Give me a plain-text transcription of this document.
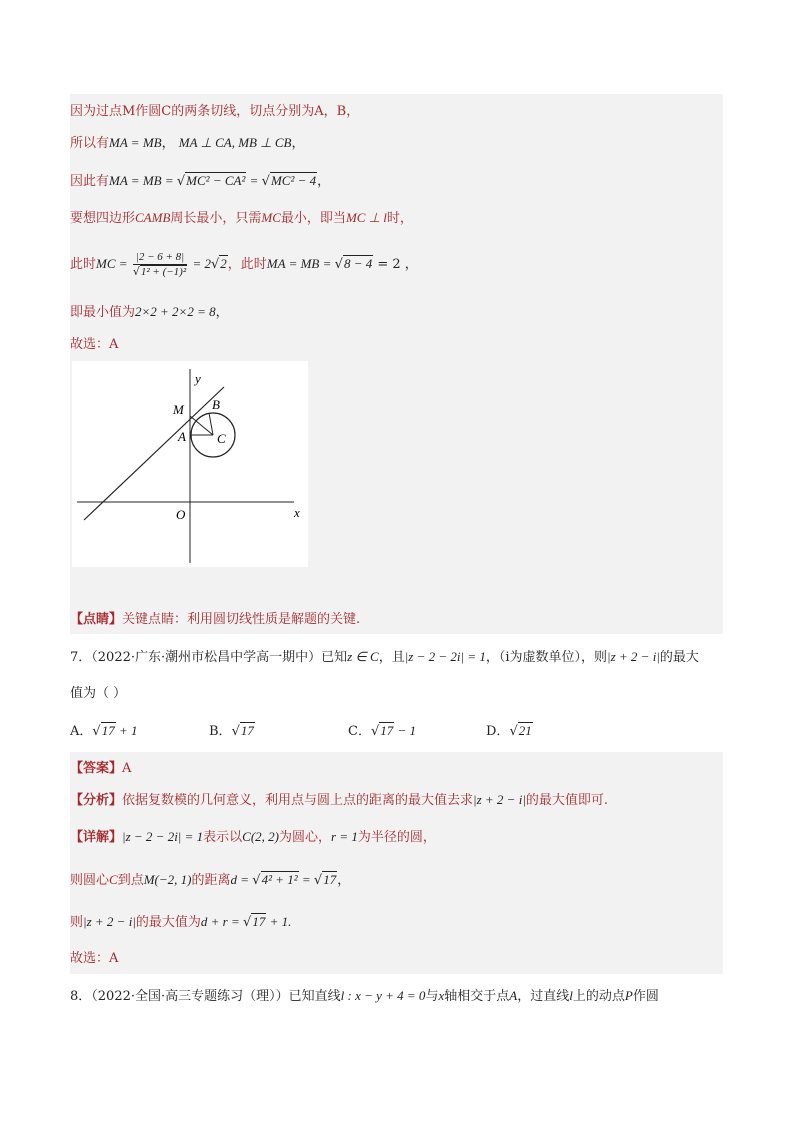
因为过点M作圆C的两条切线，切点分别为A，B，
所以有MA = MB， MA ⊥ CA, MB ⊥ CB，
因此有MA = MB = √MC² − CA² = √MC² − 4，
要想四边形CAMB周长最小，只需MC最小，即当MC ⊥ l时，
此时MC = $\frac{|2 - 6 + 8|}{\text{√1² + (−1)²}} = 2√2$，此时MA = MB = √8 − 4 = 2 ，
即最小值为2×2 + 2×2 = 8，
故选：A
y
x
O
M
A
B
C
【点睛】关键点睛：利用圆切线性质是解题的关键.
7．（2022·广东·潮州市松昌中学高一期中）已知z ∈ C，且|z − 2 − 2i| = 1，（i为虚数单位），则|z + 2 − i|的最大
值为（ ）
A．√17 + 1	B．√17	C．√17 − 1	D．√21
【答案】A
【分析】依据复数模的几何意义，利用点与圆上点的距离的最大值去求|z + 2 − i|的最大值即可.
【详解】|z − 2 − 2i| = 1表示以C(2, 2)为圆心，r = 1为半径的圆，
则圆心C到点M(−2, 1)的距离d = √4² + 1² = √17，
则|z + 2 − i|的最大值为d + r = √17 + 1.
故选：A
8．（2022·全国·高三专题练习（理））已知直线l : x − y + 4 = 0与x轴相交于点A，过直线l上的动点P作圆
